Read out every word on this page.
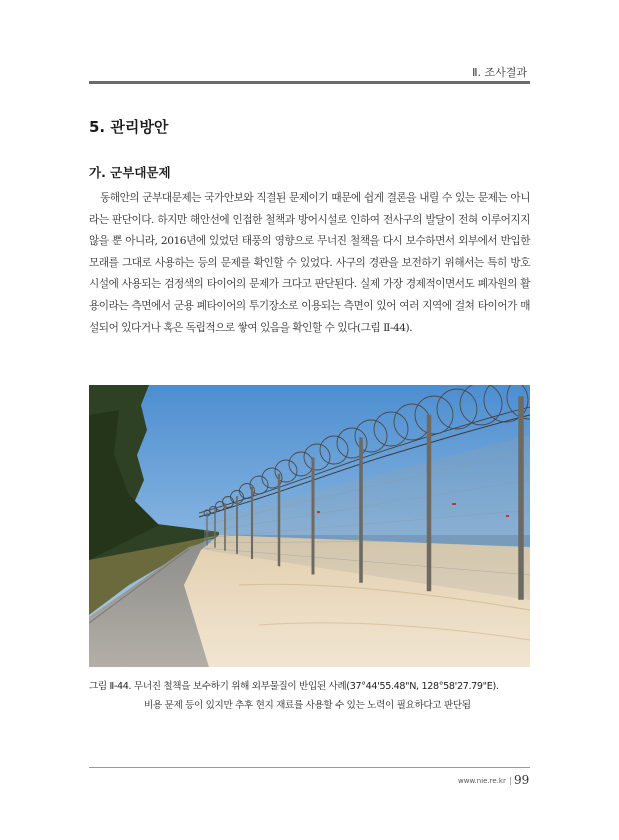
Ⅱ. 조사결과
5. 관리방안
가. 군부대문제

동해안의 군부대문제는 국가안보와 직결된 문제이기 때문에 쉽게 결론을 내릴 수 있는 문제는 아니라는 판단이다. 하지만 해안선에 인접한 철책과 방어시설로 인하여 전사구의 발달이 전혀 이루어지지 않을 뿐 아니라, 2016년에 있었던 태풍의 영향으로 무너진 철책을 다시 보수하면서 외부에서 반입한 모래를 그대로 사용하는 등의 문제를 확인할 수 있었다. 사구의 경관을 보전하기 위해서는 특히 방호시설에 사용되는 검정색의 타이어의 문제가 크다고 판단된다. 실제 가장 경제적이면서도 폐자원의 활용이라는 측면에서 군용 폐타이어의 투기장소로 이용되는 측면이 있어 여러 지역에 걸쳐 타이어가 매설되어 있다거나 혹은 독립적으로 쌓여 있음을 확인할 수 있다(그림 Ⅱ-44).

그림 Ⅱ-44. 무너진 철책을 보수하기 위해 외부물질이 반입된 사례(37°44'55.48"N, 128°58'27.79"E).
비용 문제 등이 있지만 추후 현지 재료를 사용할 수 있는 노력이 필요하다고 판단됨
www.nie.re.kr | 99
